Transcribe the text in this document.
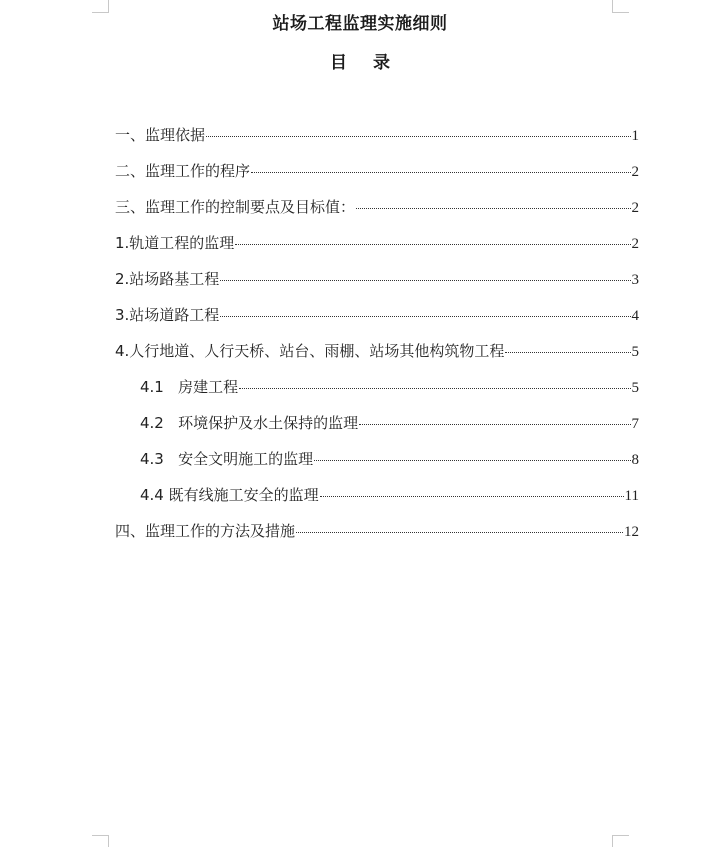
站场工程监理实施细则
目录
一、监理依据	1
二、监理工作的程序	2
三、监理工作的控制要点及目标值：	2
1.轨道工程的监理	2
2.站场路基工程	3
3.站场道路工程	4
4.人行地道、人行天桥、站台、雨棚、站场其他构筑物工程	5
4.1   房建工程	5
4.2   环境保护及水土保持的监理	7
4.3   安全文明施工的监理	8
4.4 既有线施工安全的监理	11
四、监理工作的方法及措施	12
